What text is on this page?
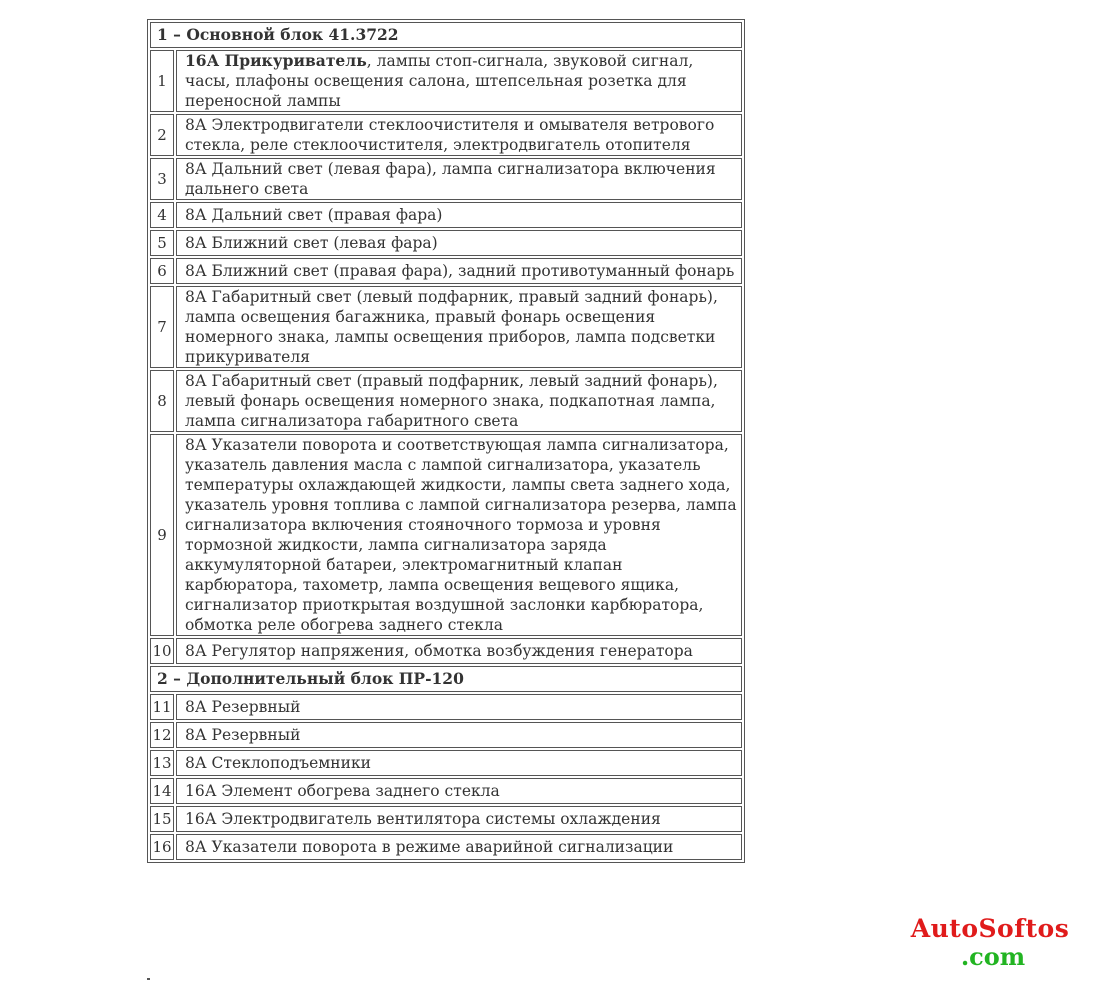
1 – Основной блок 41.3722	
1	16А Прикуриватель, лампы стоп-сигнала, звуковой сигнал, часы, плафоны освещения салона, штепсельная розетка для переносной лампы
2	8А Электродвигатели стеклоочистителя и омывателя ветрового стекла, реле стеклоочистителя, электродвигатель отопителя
3	8А Дальний свет (левая фара), лампа сигнализатора включения дальнего света
4	8А Дальний свет (правая фара)
5	8А Ближний свет (левая фара)
6	8А Ближний свет (правая фара), задний противотуманный фонарь
7	8А Габаритный свет (левый подфарник, правый задний фонарь), лампа освещения багажника, правый фонарь освещения номерного знака, лампы освещения приборов, лампа подсветки прикуривателя
8	8А Габаритный свет (правый подфарник, левый задний фонарь), левый фонарь освещения номерного знака, подкапотная лампа, лампа сигнализатора габаритного света
9	8А Указатели поворота и соответствующая лампа сигнализатора, указатель давления масла с лампой сигнализатора, указатель температуры охлаждающей жидкости, лампы света заднего хода, указатель уровня топлива с лампой сигнализатора резерва, лампа сигнализатора включения стояночного тормоза и уровня тормозной жидкости, лампа сигнализатора заряда аккумуляторной батареи, электромагнитный клапан карбюратора, тахометр, лампа освещения вещевого ящика, сигнализатор приоткрытая воздушной заслонки карбюратора, обмотка реле обогрева заднего стекла
10	8А Регулятор напряжения, обмотка возбуждения генератора
2 – Дополнительный блок ПР-120	
11	8А Резервный
12	8А Резервный
13	8А Стеклоподъемники
14	16А Элемент обогрева заднего стекла
15	16А Электродвигатель вентилятора системы охлаждения
16	8А Указатели поворота в режиме аварийной сигнализации
AutoSoftos
.com
